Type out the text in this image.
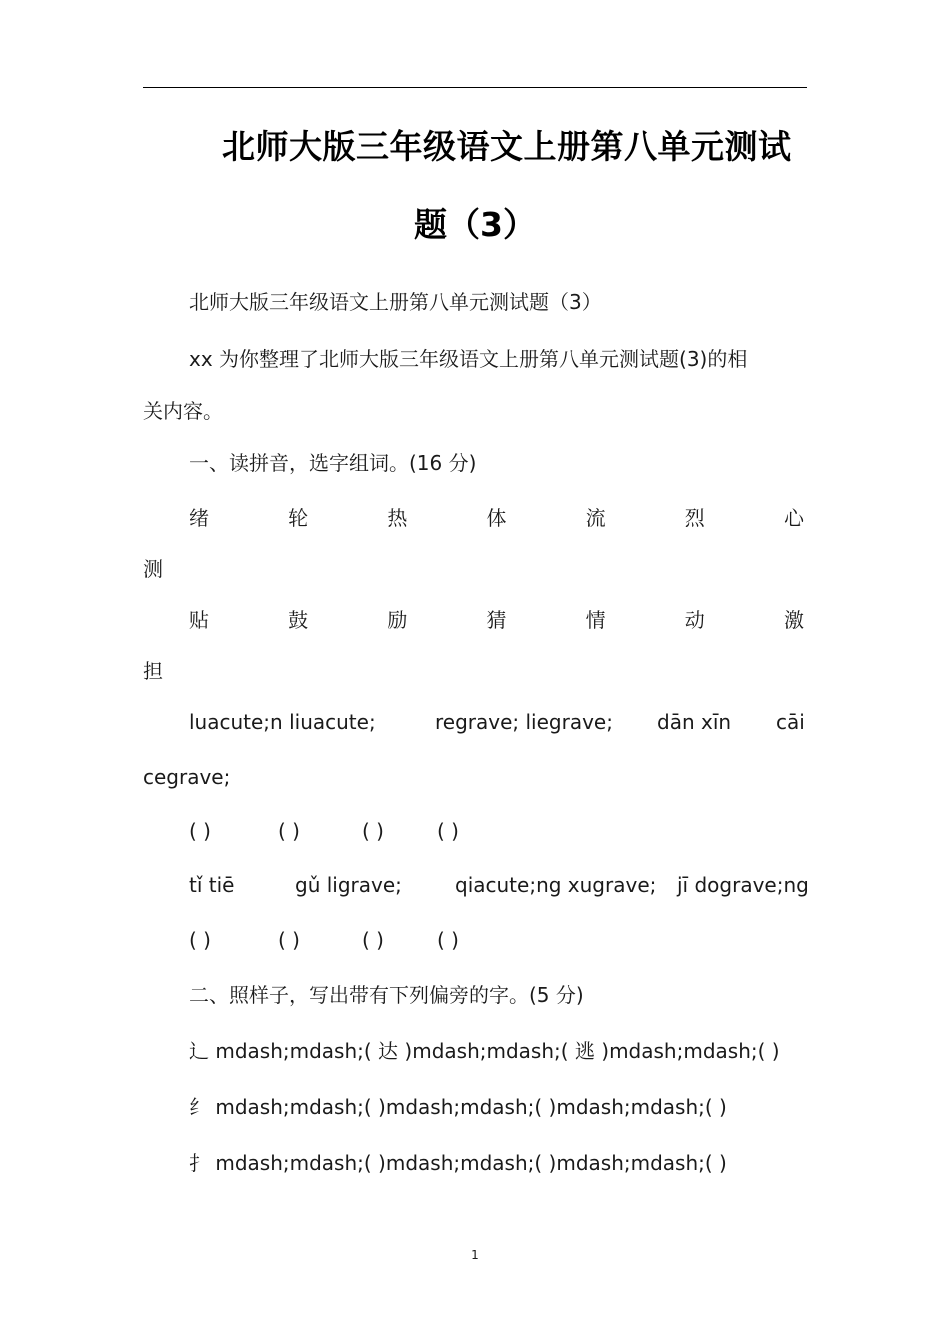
北师大版三年级语文上册第八单元测试
题（3）
北师大版三年级语文上册第八单元测试题（3）
xx 为你整理了北师大版三年级语文上册第八单元测试题(3)的相
关内容。
一、读拼音，选字组词。(16 分)
绪	轮	热	体	流	烈	心
测
贴	鼓	励	猜	情	动	激
担
luacute;n liuacute;	regrave; liegrave; dān xīn cāi
cegrave;
( )	( )	( )	( )
tǐ tiē	gǔ ligrave;	qiacute;ng xugrave; jī dograve;ng
( )	( )	( )	( )
二、照样子，写出带有下列偏旁的字。(5 分)
辶 mdash;mdash;( 达 )mdash;mdash;( 逃 )mdash;mdash;( )
纟 mdash;mdash;( )mdash;mdash;( )mdash;mdash;( )
扌 mdash;mdash;( )mdash;mdash;( )mdash;mdash;( )
1
